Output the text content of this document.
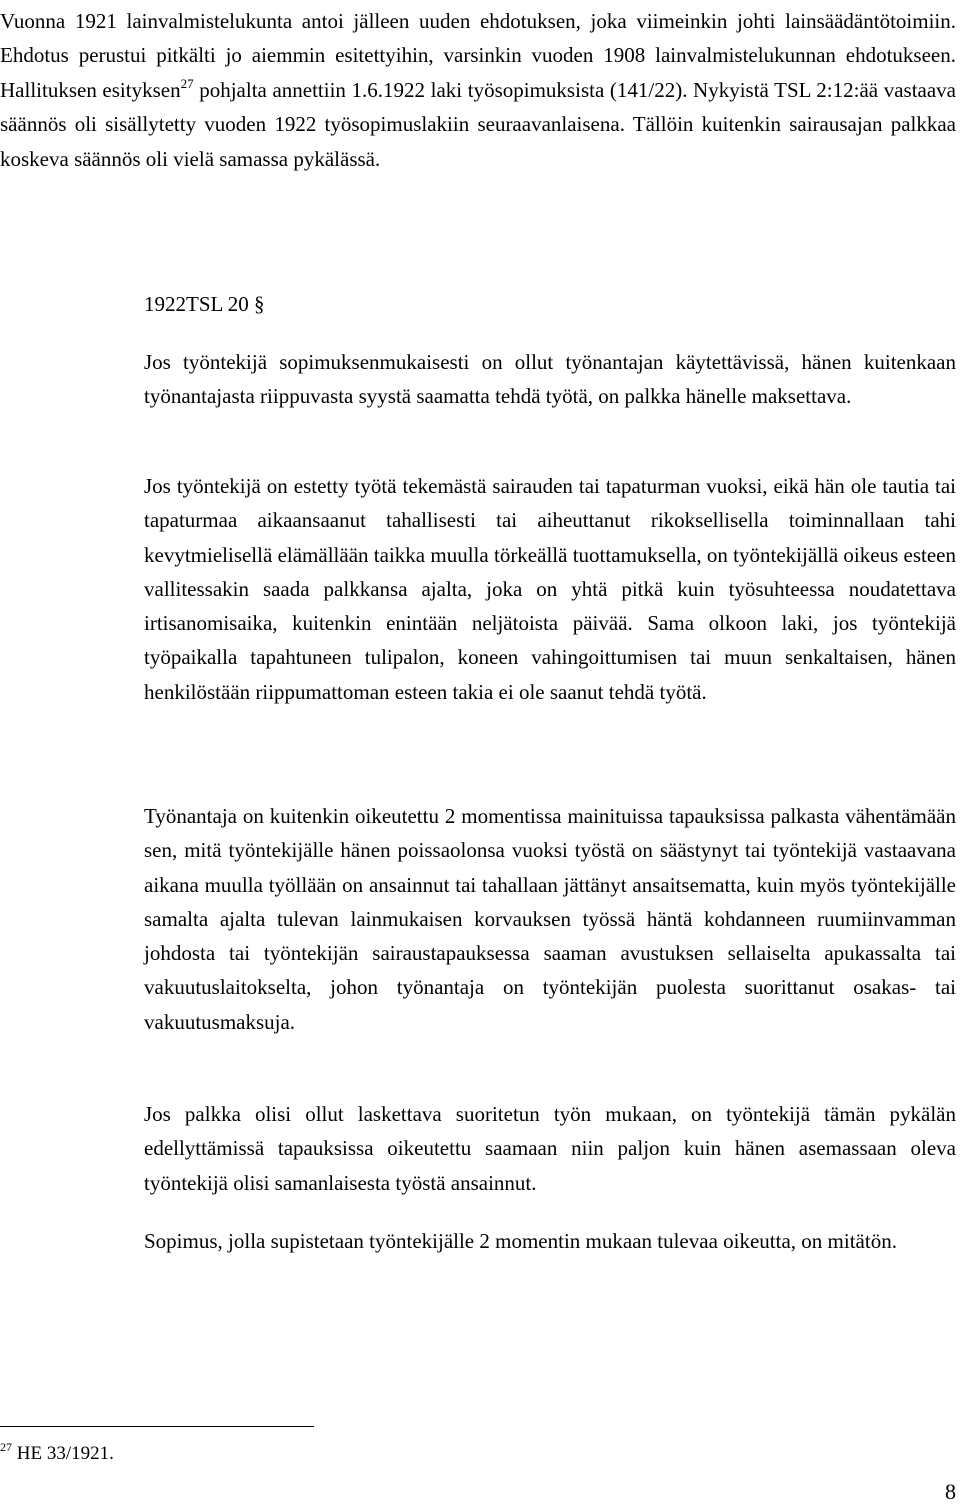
Vuonna 1921 lainvalmistelukunta antoi jälleen uuden ehdotuksen, joka viimeinkin johti lainsäädäntötoimiin. Ehdotus perustui pitkälti jo aiemmin esitettyihin, varsinkin vuoden 1908 lainvalmistelukunnan ehdotukseen. Hallituksen esityksen$^{27}$ pohjalta annettiin 1.6.1922 laki työsopimuksista (141/22). Nykyistä TSL 2:12:ää vastaava säännös oli sisällytetty vuoden 1922 työsopimuslakiin seuraavanlaisena. Tällöin kuitenkin sairausajan palkkaa koskeva säännös oli vielä samassa pykälässä.

1922TSL 20 §

Jos työntekijä sopimuksenmukaisesti on ollut työnantajan käytettävissä, hänen kuitenkaan työnantajasta riippuvasta syystä saamatta tehdä työtä, on palkka hänelle maksettava.

Jos työntekijä on estetty työtä tekemästä sairauden tai tapaturman vuoksi, eikä hän ole tautia tai tapaturmaa aikaansaanut tahallisesti tai aiheuttanut rikoksellisella toiminnallaan tahi kevytmielisellä elämällään taikka muulla törkeällä tuottamuksella, on työntekijällä oikeus esteen vallitessakin saada palkkansa ajalta, joka on yhtä pitkä kuin työsuhteessa noudatettava irtisanomisaika, kuitenkin enintään neljätoista päivää. Sama olkoon laki, jos työntekijä työpaikalla tapahtuneen tulipalon, koneen vahingoittumisen tai muun senkaltaisen, hänen henkilöstään riippumattoman esteen takia ei ole saanut tehdä työtä.

Työnantaja on kuitenkin oikeutettu 2 momentissa mainituissa tapauksissa palkasta vähentämään sen, mitä työntekijälle hänen poissaolonsa vuoksi työstä on säästynyt tai työntekijä vastaavana aikana muulla työllään on ansainnut tai tahallaan jättänyt ansaitsematta, kuin myös työntekijälle samalta ajalta tulevan lainmukaisen korvauksen työssä häntä kohdanneen ruumiinvamman johdosta tai työntekijän sairaustapauksessa saaman avustuksen sellaiselta apukassalta tai vakuutuslaitokselta, johon työnantaja on työntekijän puolesta suorittanut osakas- tai vakuutusmaksuja.

Jos palkka olisi ollut laskettava suoritetun työn mukaan, on työntekijä tämän pykälän edellyttämissä tapauksissa oikeutettu saamaan niin paljon kuin hänen asemassaan oleva työntekijä olisi samanlaisesta työstä ansainnut.

Sopimus, jolla supistetaan työntekijälle 2 momentin mukaan tulevaa oikeutta, on mitätön.

$^{27}$ HE 33/1921.

8
